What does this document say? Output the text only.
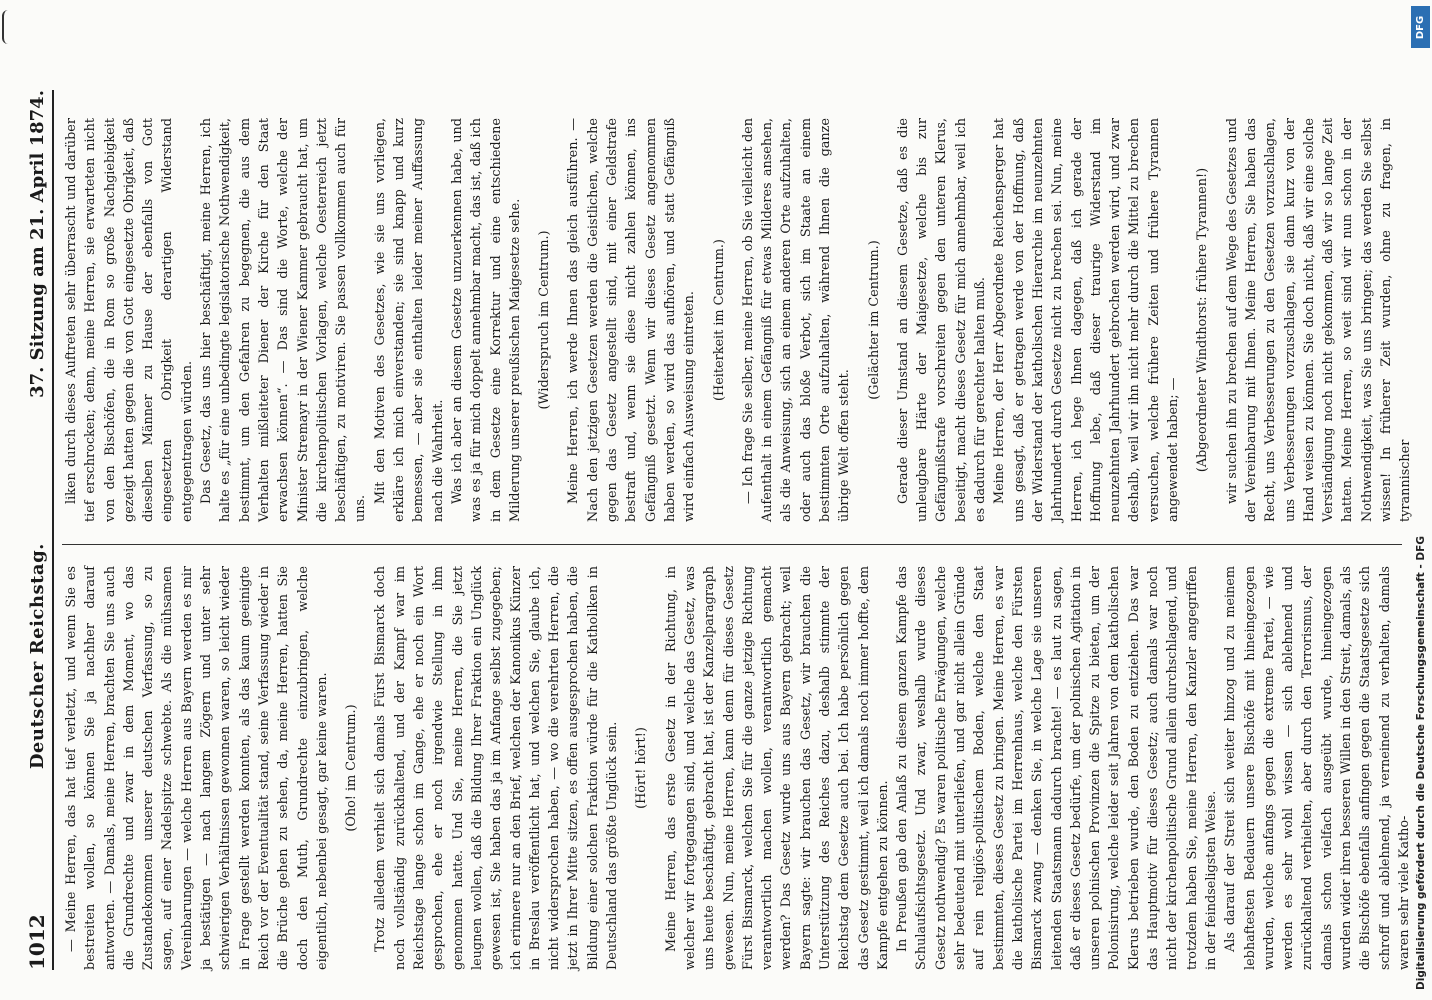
1012
Deutscher Reichstag.
37. Sitzung am 21. April 1874.

— Meine Herren, das hat tief verletzt, und wenn Sie es bestreiten wollen, so können Sie ja nachher darauf antworten. — Damals, meine Herren, brachten Sie uns auch die Grundrechte und zwar in dem Moment, wo das Zustandekommen unserer deutschen Verfassung, so zu sagen, auf einer Nadelspitze schwebte. Als die mühsamen Vereinbarungen — welche Herren aus Bayern werden es mir ja bestätigen — nach langem Zögern und unter sehr schwierigen Verhältnissen gewonnen waren, so leicht wieder in Frage gestellt werden konnten, als das kaum geeinigte Reich vor der Eventualität stand, seine Verfassung wieder in die Brüche gehen zu sehen, da, meine Herren, hatten Sie doch den Muth, Grundrechte einzubringen, welche eigentlich, nebenbei gesagt, gar keine waren. (Oho! im Centrum.) Trotz alledem verhielt sich damals Fürst Bismarck doch noch vollständig zurückhaltend, und der Kampf war im Reichstage lange schon im Gange, ehe er noch ein Wort gesprochen, ehe er noch irgendwie Stellung in ihm genommen hatte. Und Sie, meine Herren, die Sie jetzt leugnen wollen, daß die Bildung Ihrer Fraktion ein Unglück gewesen ist, Sie haben das ja im Anfange selbst zugegeben; ich erinnere nur an den Brief, welchen der Kanonikus Künzer in Breslau veröffentlicht hat, und welchen Sie, glaube ich, nicht widersprochen haben, — wo die verehrten Herren, die jetzt in Ihrer Mitte sitzen, es offen ausgesprochen haben, die Bildung einer solchen Fraktion würde für die Katholiken in Deutschland das größte Unglück sein. (Hört! hört!) Meine Herren, das erste Gesetz in der Richtung, in welcher wir fortgegangen sind, und welche das Gesetz, was uns heute beschäftigt, gebracht hat, ist der Kanzelparagraph gewesen. Nun, meine Herren, kann denn für dieses Gesetz Fürst Bismarck, welchen Sie für die ganze jetzige Richtung verantwortlich machen wollen, verantwortlich gemacht werden? Das Gesetz wurde uns aus Bayern gebracht; weil Bayern sagte: wir brauchen das Gesetz, wir brauchen die Unterstützung des Reiches dazu, deshalb stimmte der Reichstag dem Gesetze auch bei. Ich habe persönlich gegen das Gesetz gestimmt, weil ich damals noch immer hoffte, dem Kampfe entgehen zu können. In Preußen gab den Anlaß zu diesem ganzen Kampfe das Schulaufsichtsgesetz. Und zwar, weshalb wurde dieses Gesetz nothwendig? Es waren politische Erwägungen, welche sehr bedeutend mit unterliefen, und gar nicht allein Gründe auf rein religiös-politischem Boden, welche den Staat bestimmten, dieses Gesetz zu bringen. Meine Herren, es war die katholische Partei im Herrenhaus, welche den Fürsten Bismarck zwang — denken Sie, in welche Lage sie unseren leitenden Staatsmann dadurch brachte! — es laut zu sagen, daß er dieses Gesetz bedürfe, um der polnischen Agitation in unseren polnischen Provinzen die Spitze zu bieten, um der Polonisirung, welche leider seit Jahren von dem katholischen Klerus betrieben wurde, den Boden zu entziehen. Das war das Hauptmotiv für dieses Gesetz; auch damals war noch nicht der kirchenpolitische Grund allein durchschlagend, und trotzdem haben Sie, meine Herren, den Kanzler angegriffen in der feindseligsten Weise. Als darauf der Streit sich weiter hinzog und zu meinem lebhaftesten Bedauern unsere Bischöfe mit hineingezogen wurden, welche anfangs gegen die extreme Partei, — wie werden es sehr wohl wissen — sich ablehnend und zurückhaltend verhielten, aber durch den Terrorismus, der damals schon vielfach ausgeübt wurde, hineingezogen wurden wider ihren besseren Willen in den Streit, damals, als die Bischöfe ebenfalls anfingen gegen die Staatsgesetze sich schroff und ablehnend, ja verneinend zu verhalten, damals waren sehr viele Katho-

liken durch dieses Auftreten sehr überrascht und darüber tief erschrocken; denn, meine Herren, sie erwarteten nicht von den Bischöfen, die in Rom so große Nachgiebigkeit gezeigt hatten gegen die von Gott eingesetzte Obrigkeit, daß dieselben Männer zu Hause der ebenfalls von Gott eingesetzten Obrigkeit derartigen Widerstand entgegentragen würden. Das Gesetz, das uns hier beschäftigt, meine Herren, ich halte es „für eine unbedingte legislatorische Nothwendigkeit, bestimmt, um den Gefahren zu begegnen, die aus dem Verhalten mißleiteter Diener der Kirche für den Staat erwachsen können“. — Das sind die Worte, welche der Minister Stremayr in der Wiener Kammer gebraucht hat, um die kirchenpolitischen Vorlagen, welche Oesterreich jetzt beschäftigen, zu motiviren. Sie passen vollkommen auch für uns.

Mit den Motiven des Gesetzes, wie sie uns vorliegen, erkläre ich mich einverstanden; sie sind knapp und kurz bemessen, — aber sie enthalten leider meiner Auffassung nach die Wahrheit. Was ich aber an diesem Gesetze unzuerkennen habe, und was es ja für mich doppelt annehmbar macht, das ist, daß ich in dem Gesetze eine Korrektur und eine entschiedene Milderung unserer preußischen Maigesetze sehe. (Widerspruch im Centrum.) Meine Herren, ich werde Ihnen das gleich ausführen. — Nach den jetzigen Gesetzen werden die Geistlichen, welche gegen das Gesetz angestellt sind, mit einer Geldstrafe bestraft und, wenn sie diese nicht zahlen können, ins Gefängniß gesetzt. Wenn wir dieses Gesetz angenommen haben werden, so wird das aufhören, und statt Gefängniß wird einfach Ausweisung eintreten. (Heiterkeit im Centrum.) — Ich frage Sie selber, meine Herren, ob Sie vielleicht den Aufenthalt in einem Gefängniß für etwas Milderes ansehen, als die Anweisung, sich an einem anderen Orte aufzuhalten, oder auch das bloße Verbot, sich im Staate an einem bestimmten Orte aufzuhalten, während Ihnen die ganze übrige Welt offen steht.

(Gelächter im Centrum.) Gerade dieser Umstand an diesem Gesetze, daß es die unleugbare Härte der Maigesetze, welche bis zur Gefängnißstrafe vorschreiten gegen den unteren Klerus, beseitigt, macht dieses Gesetz für mich annehmbar, weil ich es dadurch für gerechter halten muß. Meine Herren, der Herr Abgeordnete Reichensperger hat uns gesagt, daß er getragen werde von der Hoffnung, daß der Widerstand der katholischen Hierarchie im neunzehnten Jahrhundert durch Gesetze nicht zu brechen sei. Nun, meine Herren, ich hege Ihnen dagegen, daß ich gerade der Hoffnung lebe, daß dieser traurige Widerstand im neunzehnten Jahrhundert gebrochen werden wird, und zwar deshalb, weil wir ihn nicht mehr durch die Mittel zu brechen versuchen, welche frühere Zeiten und frühere Tyrannen angewendet haben; — (Abgeordneter Windthorst: frühere Tyrannen!) wir suchen ihn zu brechen auf dem Wege des Gesetzes und der Vereinbarung mit Ihnen. Meine Herren, Sie haben das Recht, uns Verbesserungen zu den Gesetzen vorzuschlagen, uns Verbesserungen vorzuschlagen, sie dann kurz von der Hand weisen zu können. Sie doch nicht, daß wir eine solche Verständigung noch nicht gekommen, daß wir so lange Zeit hatten. Meine Herren, so weit sind wir nun schon in der Nothwendigkeit, was Sie uns bringen; das werden Sie selbst wissen! In früherer Zeit wurden, ohne zu fragen, in tyrannischer

DFG
Digitalisierung gefördert durch die Deutsche Forschungsgemeinschaft - DFG
